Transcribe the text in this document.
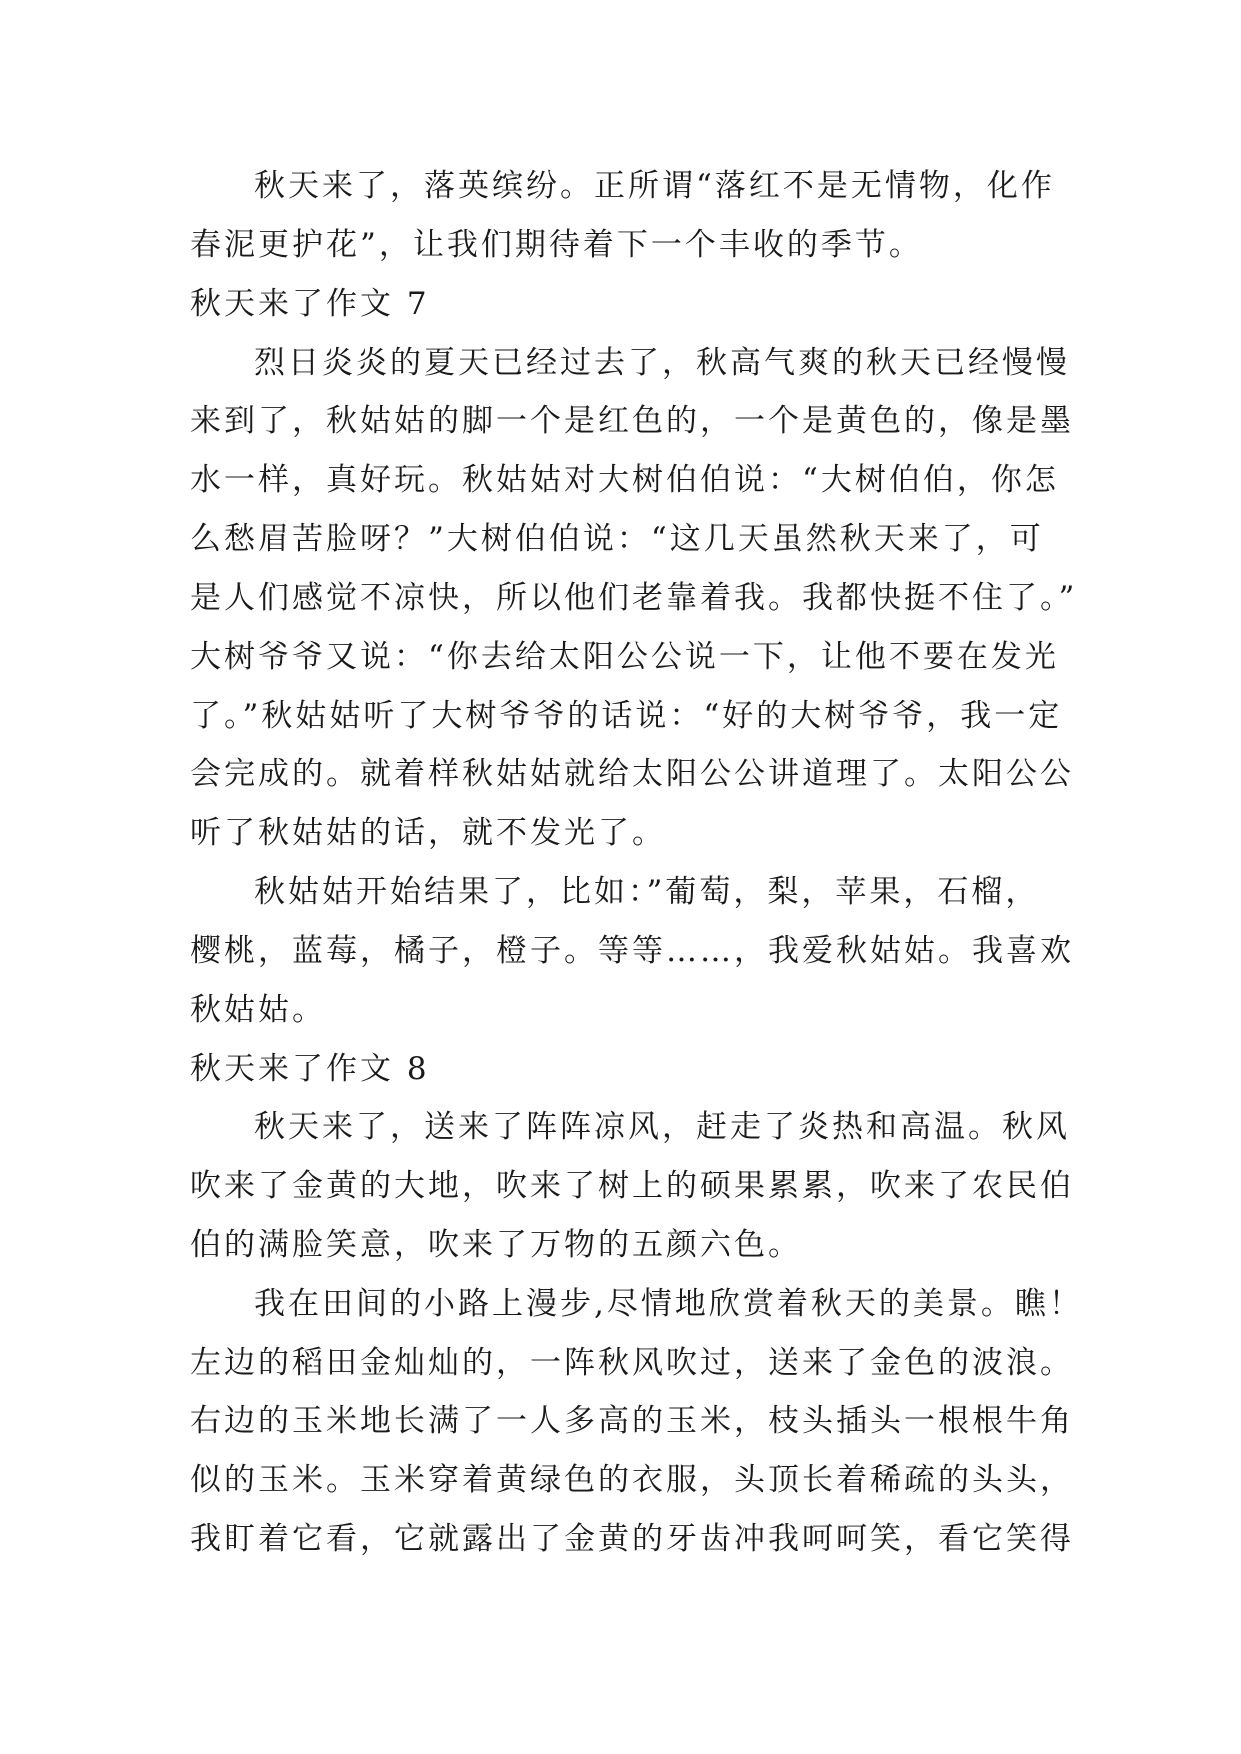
秋天来了，落英缤纷。正所谓“落红不是无情物，化作
春泥更护花”，让我们期待着下一个丰收的季节。
秋天来了作文 7
烈日炎炎的夏天已经过去了，秋高气爽的秋天已经慢慢
来到了，秋姑姑的脚一个是红色的，一个是黄色的，像是墨
水一样，真好玩。秋姑姑对大树伯伯说：“大树伯伯，你怎
么愁眉苦脸呀？”大树伯伯说：“这几天虽然秋天来了，可
是人们感觉不凉快，所以他们老靠着我。我都快挺不住了。”
大树爷爷又说：“你去给太阳公公说一下，让他不要在发光
了。”秋姑姑听了大树爷爷的话说：“好的大树爷爷，我一定
会完成的。就着样秋姑姑就给太阳公公讲道理了。太阳公公
听了秋姑姑的话，就不发光了。
秋姑姑开始结果了，比如：”葡萄，梨，苹果，石榴，
樱桃，蓝莓，橘子，橙子。等等……，我爱秋姑姑。我喜欢
秋姑姑。
秋天来了作文 8
秋天来了，送来了阵阵凉风，赶走了炎热和高温。秋风
吹来了金黄的大地，吹来了树上的硕果累累，吹来了农民伯
伯的满脸笑意，吹来了万物的五颜六色。
我在田间的小路上漫步,尽情地欣赏着秋天的美景。瞧！
左边的稻田金灿灿的，一阵秋风吹过，送来了金色的波浪。
右边的玉米地长满了一人多高的玉米，枝头插头一根根牛角
似的玉米。玉米穿着黄绿色的衣服，头顶长着稀疏的头头，
我盯着它看，它就露出了金黄的牙齿冲我呵呵笑，看它笑得
